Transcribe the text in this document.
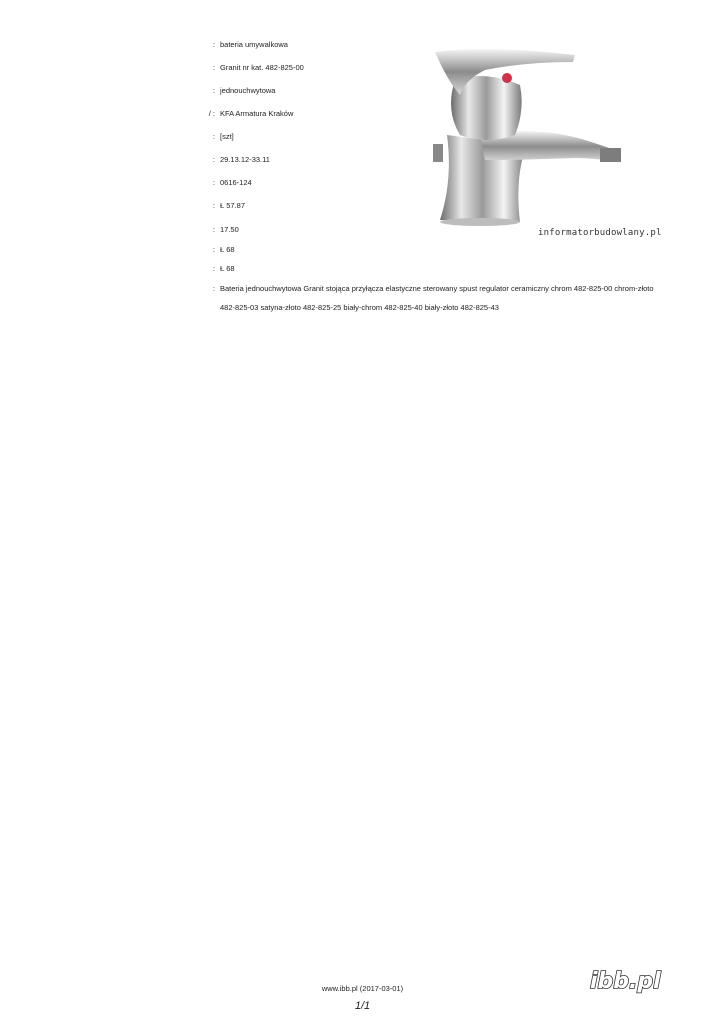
: bateria umywalkowa
: Granit nr kat. 482-825-00
: jednouchwytowa
/ : KFA Armatura Kraków
: [szt]
: 29.13.12-33.11
: 0616-124
: Ł 57.87
: 17.50
: Ł 68
: Ł 68
: Bateria jednouchwytowa Granit stojąca przyłącza elastyczne sterowany spust regulator ceramiczny chrom 482-825-00 chrom-złoto
482-825-03 satyna-złoto 482-825-25 biały-chrom 482-825-40 biały-złoto 482-825-43
informatorbudowlany.pl
www.ibb.pl (2017-03-01)
1/1
ibb.pl
